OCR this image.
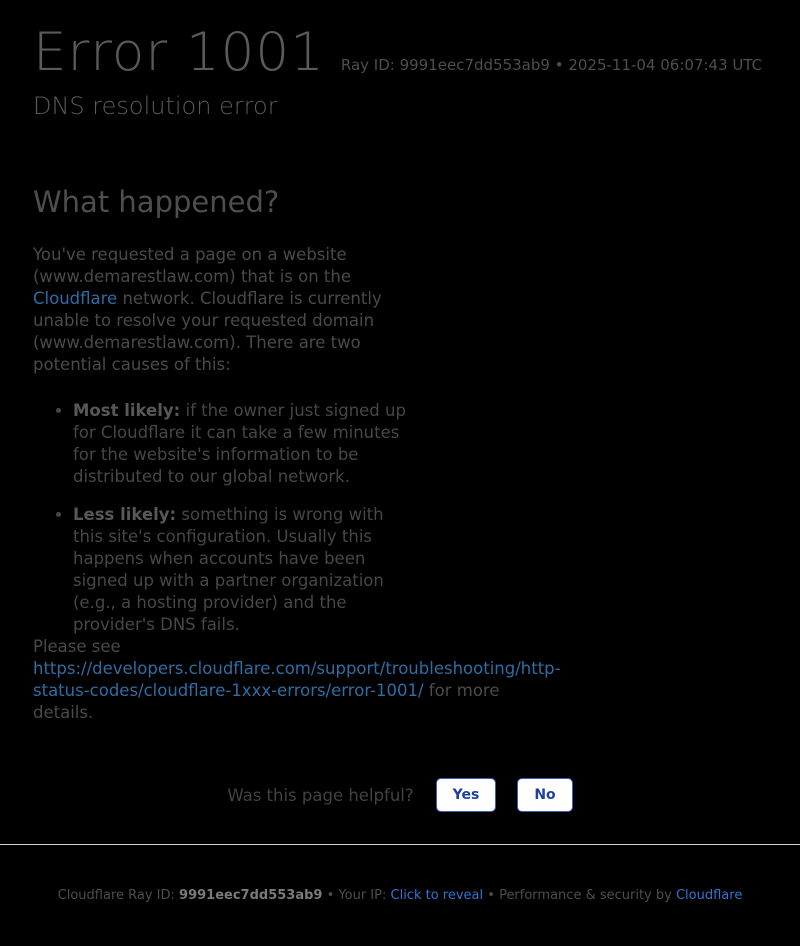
Error 1001 Ray ID: 9991eec7dd553ab9 • 2025-11-04 06:07:43 UTC
DNS resolution error
What happened?

You've requested a page on a website (www.demarestlaw.com) that is on the Cloudflare network. Cloudflare is currently unable to resolve your requested domain (www.demarestlaw.com). There are two potential causes of this:

• Most likely: if the owner just signed up for Cloudflare it can take a few minutes for the website's information to be distributed to our global network.
• Less likely: something is wrong with this site's configuration. Usually this happens when accounts have been signed up with a partner organization (e.g., a hosting provider) and the provider's DNS fails.

Please see https://developers.cloudflare.com/support/troubleshooting/http-status-codes/cloudflare-1xxx-errors/error-1001/ for more details.

Was this page helpful?	Yes	No
Cloudflare Ray ID: 9991eec7dd553ab9 • Your IP: Click to reveal • Performance & security by Cloudflare
